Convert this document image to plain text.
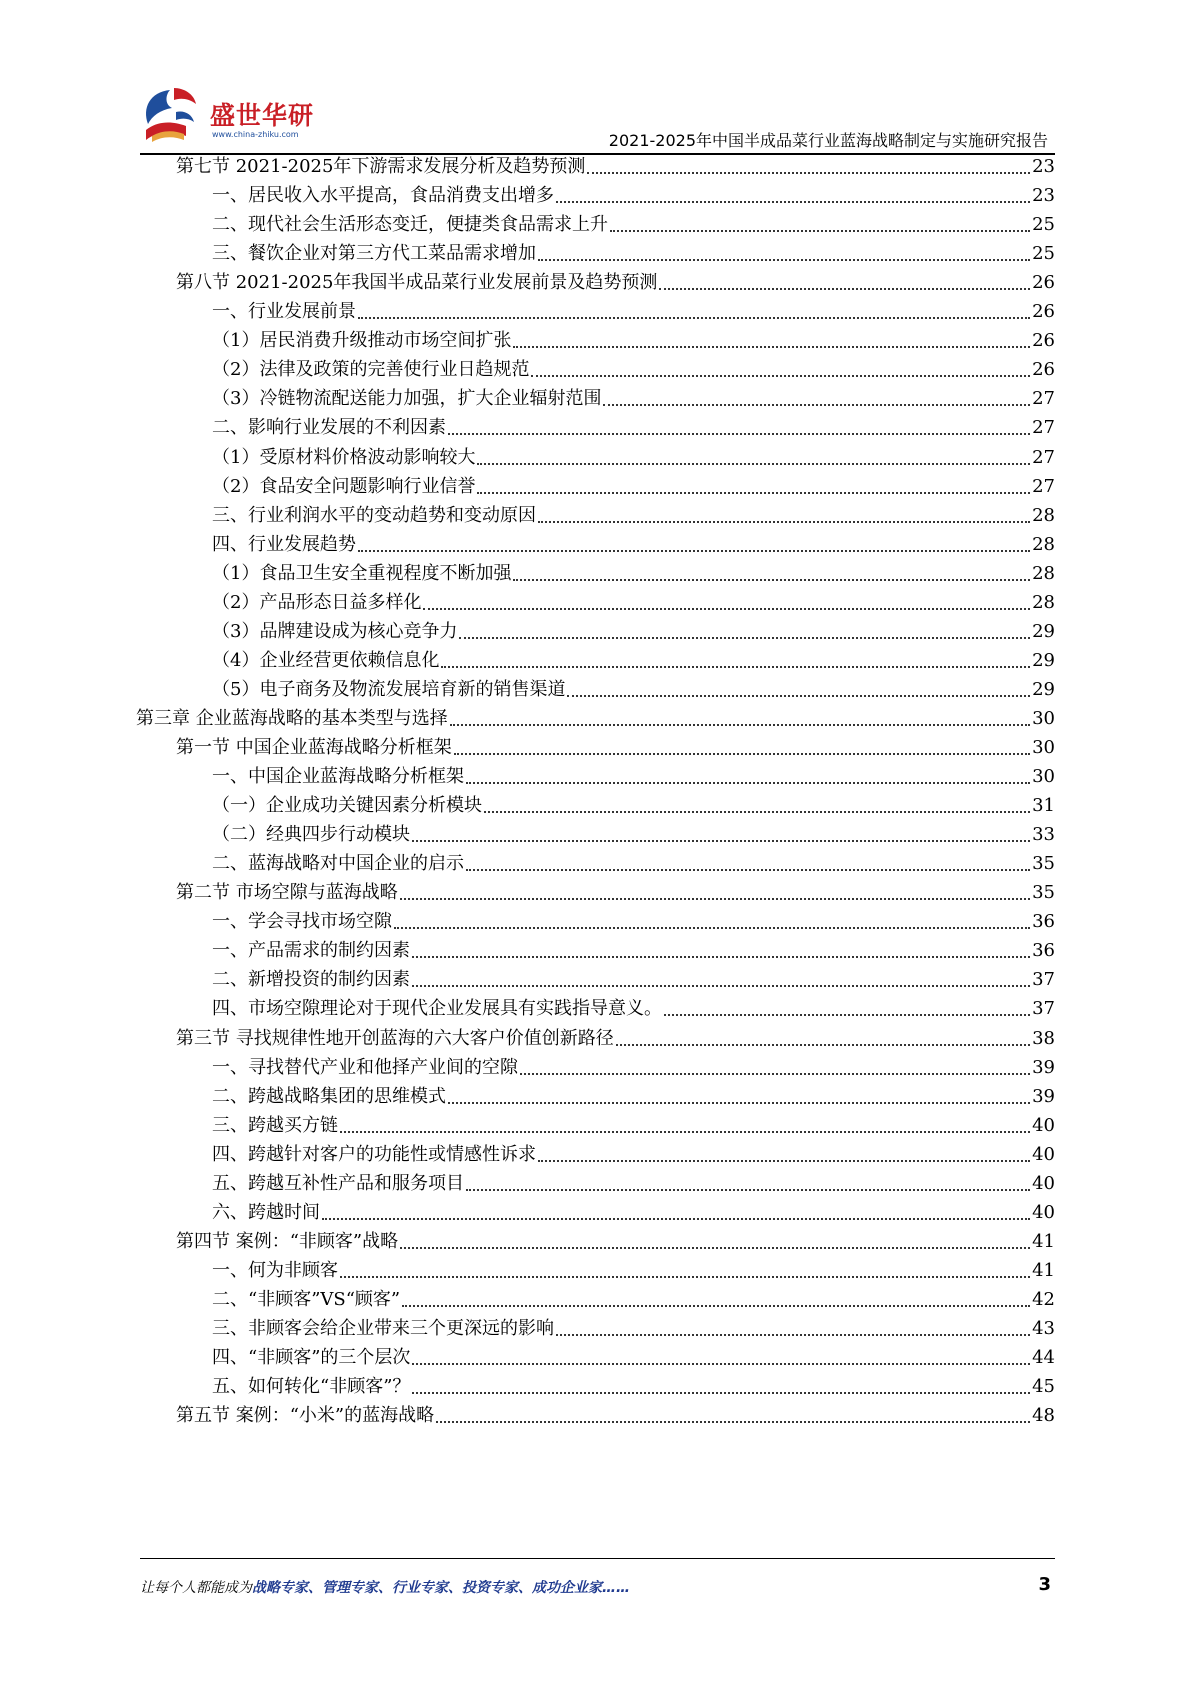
盛世华研
www.china-zhiku.com	2021-2025年中国半成品菜行业蓝海战略制定与实施研究报告
第七节 2021-2025年下游需求发展分析及趋势预测	23
一、居民收入水平提高，食品消费支出增多	23
二、现代社会生活形态变迁，便捷类食品需求上升	25
三、餐饮企业对第三方代工菜品需求增加	25
第八节 2021-2025年我国半成品菜行业发展前景及趋势预测	26
一、行业发展前景	26
（1）居民消费升级推动市场空间扩张	26
（2）法律及政策的完善使行业日趋规范	26
（3）冷链物流配送能力加强，扩大企业辐射范围	27
二、影响行业发展的不利因素	27
（1）受原材料价格波动影响较大	27
（2）食品安全问题影响行业信誉	27
三、行业利润水平的变动趋势和变动原因	28
四、行业发展趋势	28
（1）食品卫生安全重视程度不断加强	28
（2）产品形态日益多样化	28
（3）品牌建设成为核心竞争力	29
（4）企业经营更依赖信息化	29
（5）电子商务及物流发展培育新的销售渠道	29
第三章 企业蓝海战略的基本类型与选择	30
第一节 中国企业蓝海战略分析框架	30
一、中国企业蓝海战略分析框架	30
（一）企业成功关键因素分析模块	31
（二）经典四步行动模块	33
二、蓝海战略对中国企业的启示	35
第二节 市场空隙与蓝海战略	35
一、学会寻找市场空隙	36
一、产品需求的制约因素	36
二、新增投资的制约因素	37
四、市场空隙理论对于现代企业发展具有实践指导意义。	37
第三节 寻找规律性地开创蓝海的六大客户价值创新路径	38
一、寻找替代产业和他择产业间的空隙	39
二、跨越战略集团的思维模式	39
三、跨越买方链	40
四、跨越针对客户的功能性或情感性诉求	40
五、跨越互补性产品和服务项目	40
六、跨越时间	40
第四节 案例：“非顾客”战略	41
一、何为非顾客	41
二、“非顾客”VS“顾客”	42
三、非顾客会给企业带来三个更深远的影响	43
四、“非顾客”的三个层次	44
五、如何转化“非顾客”？	45
第五节 案例：“小米”的蓝海战略	48
让每个人都能成为战略专家、管理专家、行业专家、投资专家、成功企业家……	3
